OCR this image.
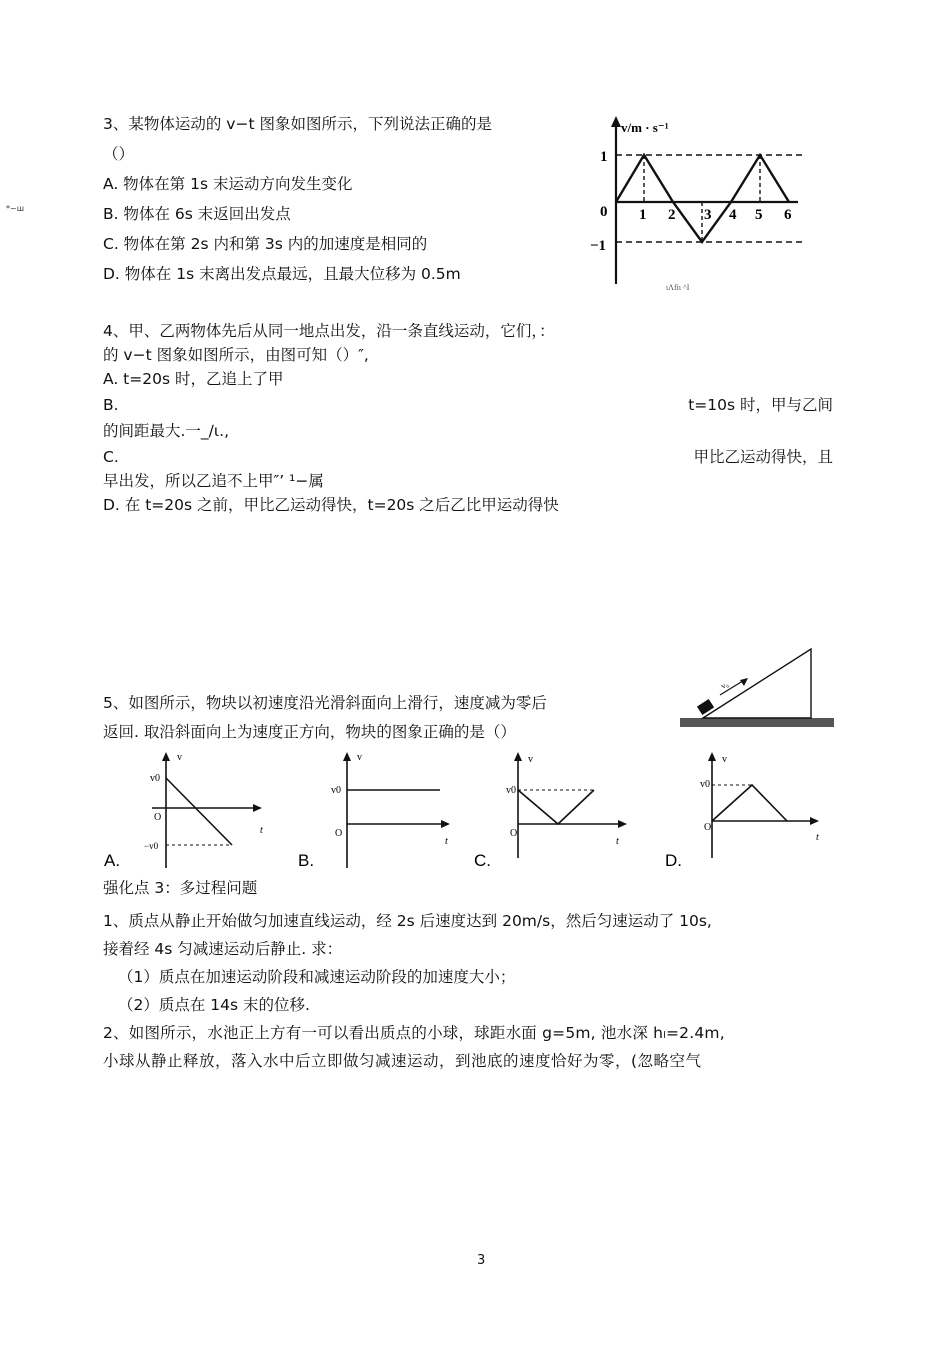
*~ш
3、某物体运动的 v−t 图象如图所示，下列说法正确的是
（）
A. 物体在第 1s 末运动方向发生变化
B. 物体在 6s 末返回出发点
C. 物体在第 2s 内和第 3s 内的加速度是相同的
D. 物体在 1s 末离出发点最远，且最大位移为 0.5m
v/m · s⁻¹
1
0
−1
1 2 3 4 5 6
ιΛfiι ^Ι
4、甲、乙两物体先后从同一地点出发，沿一条直线运动，它们，：
的 v−t 图象如图所示，由图可知（）″,
A. t=20s 时，乙追上了甲
B.	t=10s 时，甲与乙间
的间距最大.一_∕ι.,
C.	甲比乙运动得快，且
早出发，所以乙追不上甲″’ ¹−属
D. 在 t=20s 之前，甲比乙运动得快，t=20s 之后乙比甲运动得快
5、如图所示，物块以初速度沿光滑斜面向上滑行，速度减为零后
返回. 取沿斜面向上为速度正方向，物块的图象正确的是（）
v₀
v
v0
O
−v0
t
A.
v
v0
O
t
B.
v
v0
O
t
C.
v
v0
O
t
D.
强化点 3：多过程问题
1、质点从静止开始做匀加速直线运动，经 2s 后速度达到 20m/s，然后匀速运动了 10s,
接着经 4s 匀减速运动后静止. 求：
（1）质点在加速运动阶段和减速运动阶段的加速度大小；
（2）质点在 14s 末的位移.
2、如图所示，水池正上方有一可以看出质点的小球，球距水面 g=5m, 池水深 hₗ=2.4m,
小球从静止释放，落入水中后立即做匀减速运动，到池底的速度恰好为零，(忽略空气
3
